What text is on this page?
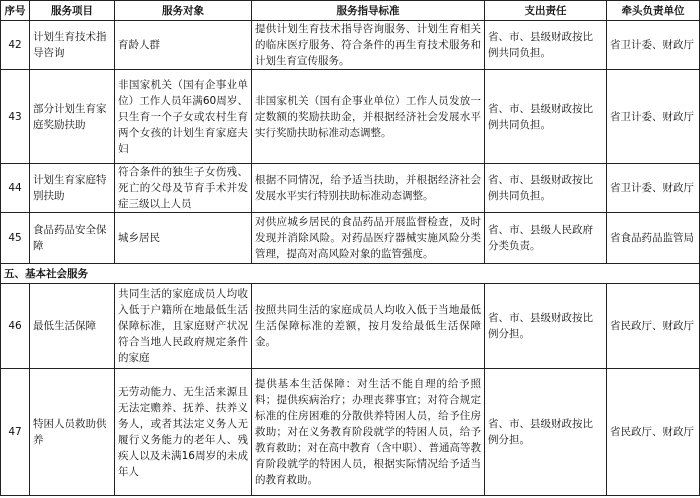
序号	服务项目	服务对象	服务指导标准	支出责任	牵头负责单位
42	计划生育技术指导咨询	育龄人群	提供计划生育技术指导咨询服务、计划生育相关的临床医疗服务、符合条件的再生育技术服务和计划生育宣传服务。	省、市、县级财政按比例共同负担。	省卫计委、财政厅
43	部分计划生育家庭奖励扶助	非国家机关（国有企事业单位）工作人员年满60周岁、只生育一个子女或农村生育两个女孩的计划生育家庭夫妇	非国家机关（国有企事业单位）工作人员发放一定数额的奖励扶助金，并根据经济社会发展水平实行奖励扶助标准动态调整。	省、市、县级财政按比例共同负担。	省卫计委、财政厅
44	计划生育家庭特别扶助	符合条件的独生子女伤残、死亡的父母及节育手术并发症三级以上人员	根据不同情况，给予适当扶助，并根据经济社会发展水平实行特别扶助标准动态调整。	省、市、县级财政按比例共同负担。	省卫计委、财政厅
45	食品药品安全保障	城乡居民	对供应城乡居民的食品药品开展监督检查，及时发现并消除风险。对药品医疗器械实施风险分类管理，提高对高风险对象的监管强度。	省、市、县级人民政府分类负责。	省食品药品监管局
五、基本社会服务					
46	最低生活保障	共同生活的家庭成员人均收入低于户籍所在地最低生活保障标准，且家庭财产状况符合当地人民政府规定条件的家庭	按照共同生活的家庭成员人均收入低于当地最低生活保障标准的差额，按月发给最低生活保障金。	省、市、县级财政按比例分担。	省民政厅、财政厅
47	特困人员救助供养	无劳动能力、无生活来源且无法定赡养、抚养、扶养义务人，或者其法定义务人无履行义务能力的老年人、残疾人以及未满16周岁的未成年人	提供基本生活保障：对生活不能自理的给予照料；提供疾病治疗；办理丧葬事宜；对符合规定标准的住房困难的分散供养特困人员，给予住房救助；对在义务教育阶段就学的特困人员，给予教育救助；对在高中教育（含中职）、普通高等教育阶段就学的特困人员，根据实际情况给予适当的教育救助。	省、市、县级财政按比例分担。	省民政厅、财政厅
